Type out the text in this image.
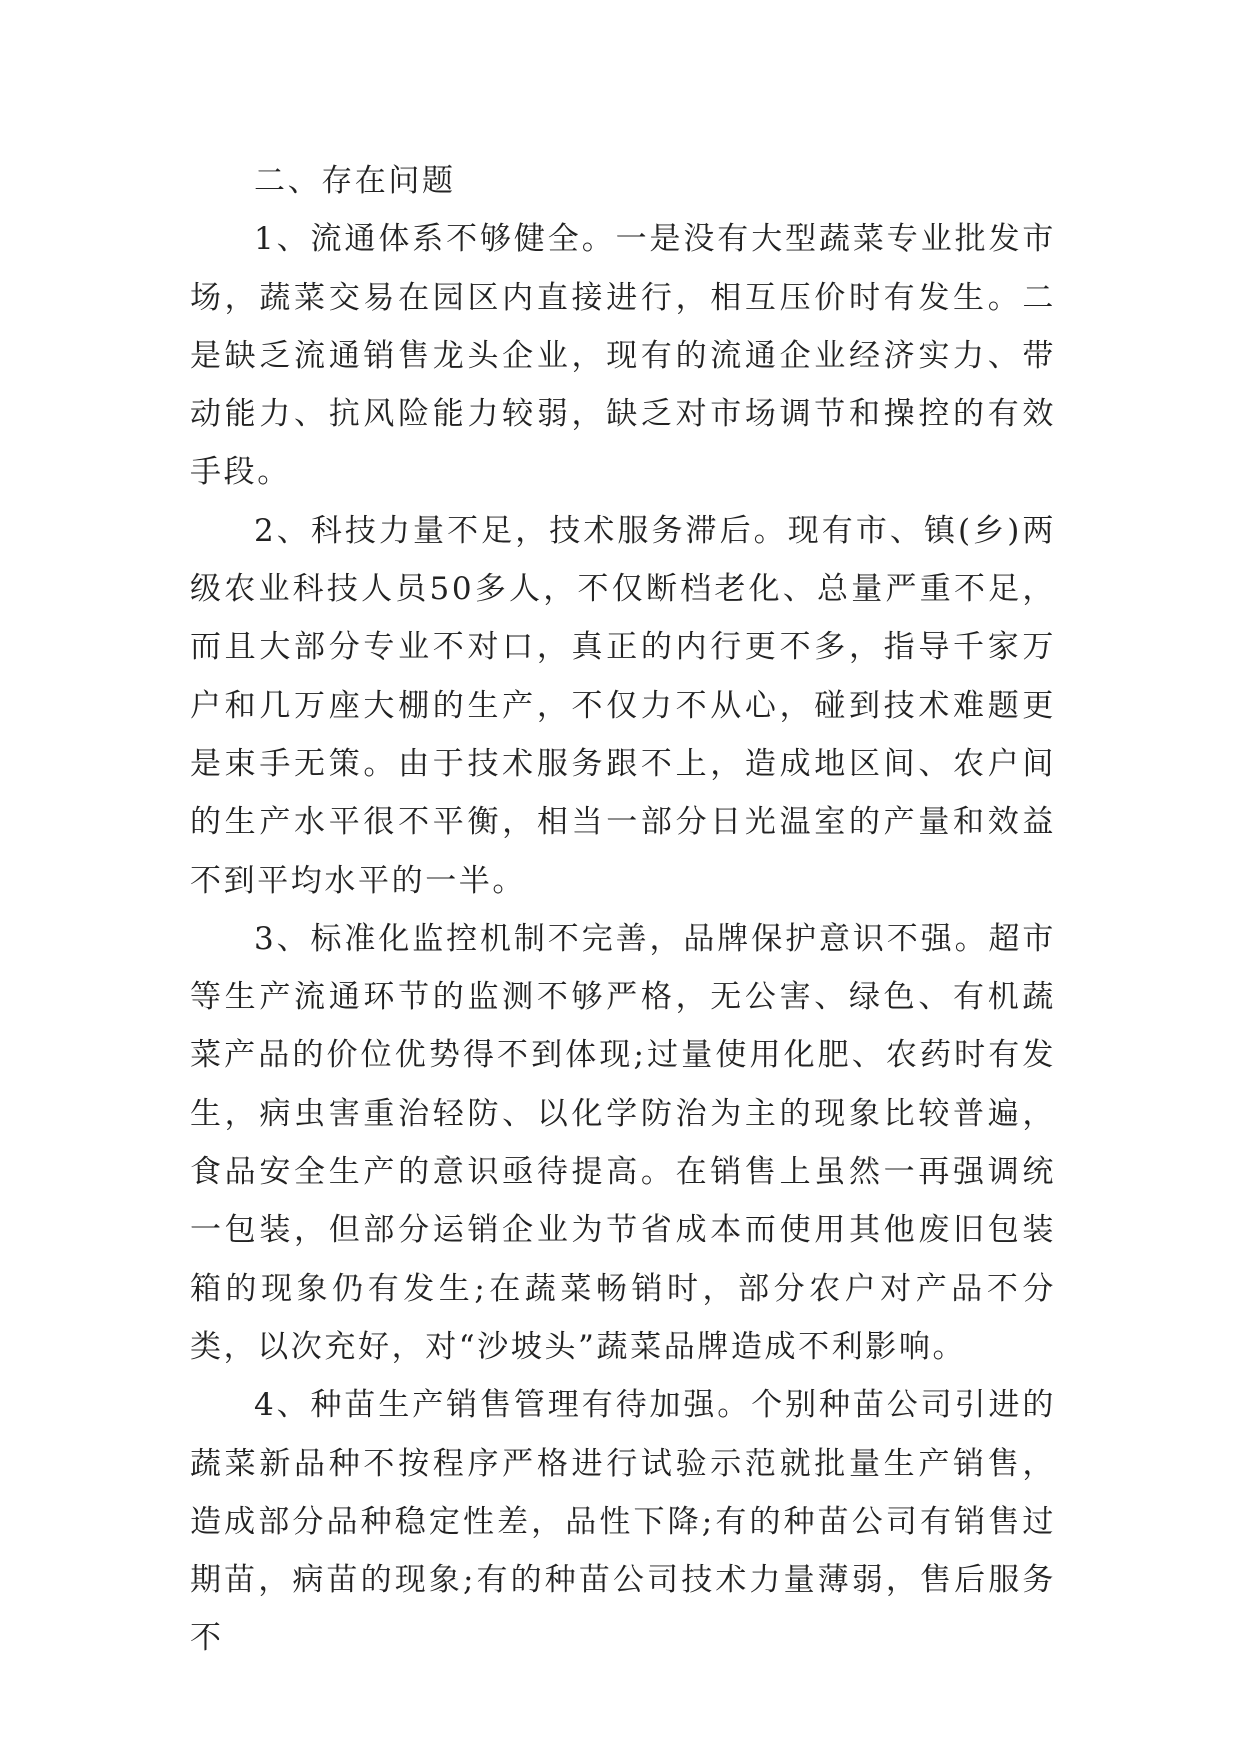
二、存在问题

1、流通体系不够健全。一是没有大型蔬菜专业批发市场，蔬菜交易在园区内直接进行，相互压价时有发生。二是缺乏流通销售龙头企业，现有的流通企业经济实力、带动能力、抗风险能力较弱，缺乏对市场调节和操控的有效手段。

2、科技力量不足，技术服务滞后。现有市、镇(乡)两级农业科技人员50多人，不仅断档老化、总量严重不足，而且大部分专业不对口，真正的内行更不多，指导千家万户和几万座大棚的生产，不仅力不从心，碰到技术难题更是束手无策。由于技术服务跟不上，造成地区间、农户间的生产水平很不平衡，相当一部分日光温室的产量和效益不到平均水平的一半。

3、标准化监控机制不完善，品牌保护意识不强。超市等生产流通环节的监测不够严格，无公害、绿色、有机蔬菜产品的价位优势得不到体现;过量使用化肥、农药时有发生，病虫害重治轻防、以化学防治为主的现象比较普遍，食品安全生产的意识亟待提高。在销售上虽然一再强调统一包装，但部分运销企业为节省成本而使用其他废旧包装箱的现象仍有发生;在蔬菜畅销时，部分农户对产品不分类，以次充好，对“沙坡头”蔬菜品牌造成不利影响。

4、种苗生产销售管理有待加强。个别种苗公司引进的蔬菜新品种不按程序严格进行试验示范就批量生产销售，造成部分品种稳定性差，品性下降;有的种苗公司有销售过期苗，病苗的现象;有的种苗公司技术力量薄弱，售后服务不
